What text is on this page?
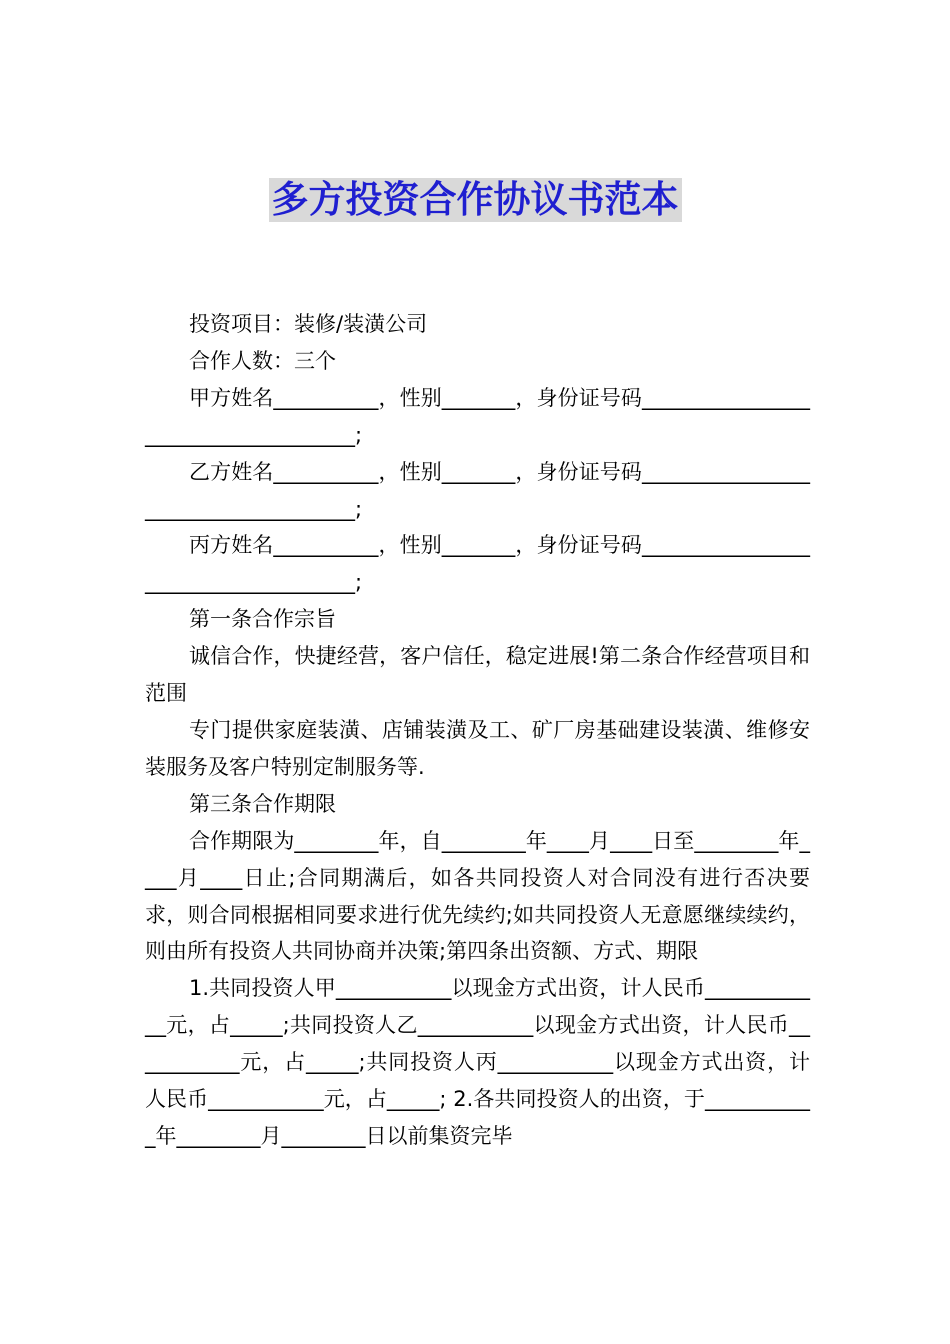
多方投资合作协议书范本

投资项目：装修/装潢公司

合作人数：三个

甲方姓名__________，性别_______，身份证号码____________________________________;

乙方姓名__________，性别_______，身份证号码____________________________________;

丙方姓名__________，性别_______，身份证号码____________________________________;

第一条合作宗旨

诚信合作，快捷经营，客户信任，稳定进展!第二条合作经营项目和范围

专门提供家庭装潢、店铺装潢及工、矿厂房基础建设装潢、维修安装服务及客户特别定制服务等.

第三条合作期限

合作期限为________年，自________年____月____日至________年____月____日止;合同期满后，如各共同投资人对合同没有进行否决要求，则合同根据相同要求进行优先续约;如共同投资人无意愿继续续约，则由所有投资人共同协商并决策;第四条出资额、方式、期限

1.共同投资人甲___________以现金方式出资，计人民币____________元，占_____;共同投资人乙___________以现金方式出资，计人民币___________元，占_____;共同投资人丙___________以现金方式出资，计人民币___________元，占_____; 2.各共同投资人的出资，于___________年________月________日以前集资完毕
